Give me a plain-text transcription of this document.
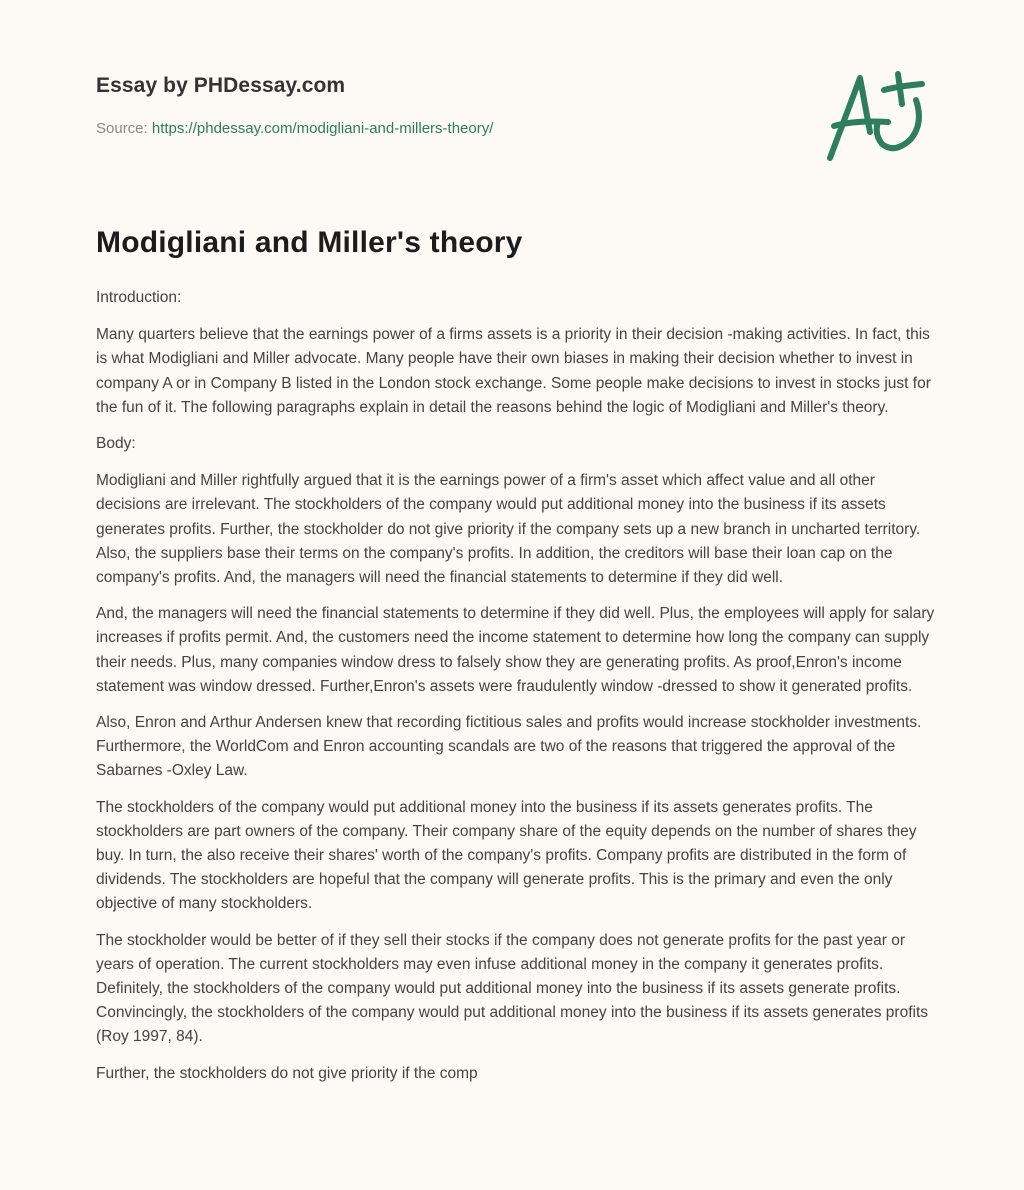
Essay by PHDessay.com
Source: https://phdessay.com/modigliani-and-millers-theory/
Modigliani and Miller's theory

Introduction:

Many quarters believe that the earnings power of a firms assets is a priority in their decision -making activities. In fact, this is what Modigliani and Miller advocate. Many people have their own biases in making their decision whether to invest in company A or in Company B listed in the London stock exchange. Some people make decisions to invest in stocks just for the fun of it. The following paragraphs explain in detail the reasons behind the logic of Modigliani and Miller's theory.

Body:

Modigliani and Miller rightfully argued that it is the earnings power of a firm's asset which affect value and all other decisions are irrelevant. The stockholders of the company would put additional money into the business if its assets generates profits. Further, the stockholder do not give priority if the company sets up a new branch in uncharted territory. Also, the suppliers base their terms on the company's profits. In addition, the creditors will base their loan cap on the company's profits. And, the managers will need the financial statements to determine if they did well.

And, the managers will need the financial statements to determine if they did well. Plus, the employees will apply for salary increases if profits permit. And, the customers need the income statement to determine how long the company can supply their needs. Plus, many companies window dress to falsely show they are generating profits. As proof,Enron's income statement was window dressed. Further,Enron's assets were fraudulently window -dressed to show it generated profits.

Also, Enron and Arthur Andersen knew that recording fictitious sales and profits would increase stockholder investments. Furthermore, the WorldCom and Enron accounting scandals are two of the reasons that triggered the approval of the Sabarnes -Oxley Law.

The stockholders of the company would put additional money into the business if its assets generates profits. The stockholders are part owners of the company. Their company share of the equity depends on the number of shares they buy. In turn, the also receive their shares' worth of the company's profits. Company profits are distributed in the form of dividends. The stockholders are hopeful that the company will generate profits. This is the primary and even the only objective of many stockholders.

The stockholder would be better of if they sell their stocks if the company does not generate profits for the past year or years of operation. The current stockholders may even infuse additional money in the company it generates profits. Definitely, the stockholders of the company would put additional money into the business if its assets generate profits. Convincingly, the stockholders of the company would put additional money into the business if its assets generates profits (Roy 1997, 84).

Further, the stockholders do not give priority if the comp
